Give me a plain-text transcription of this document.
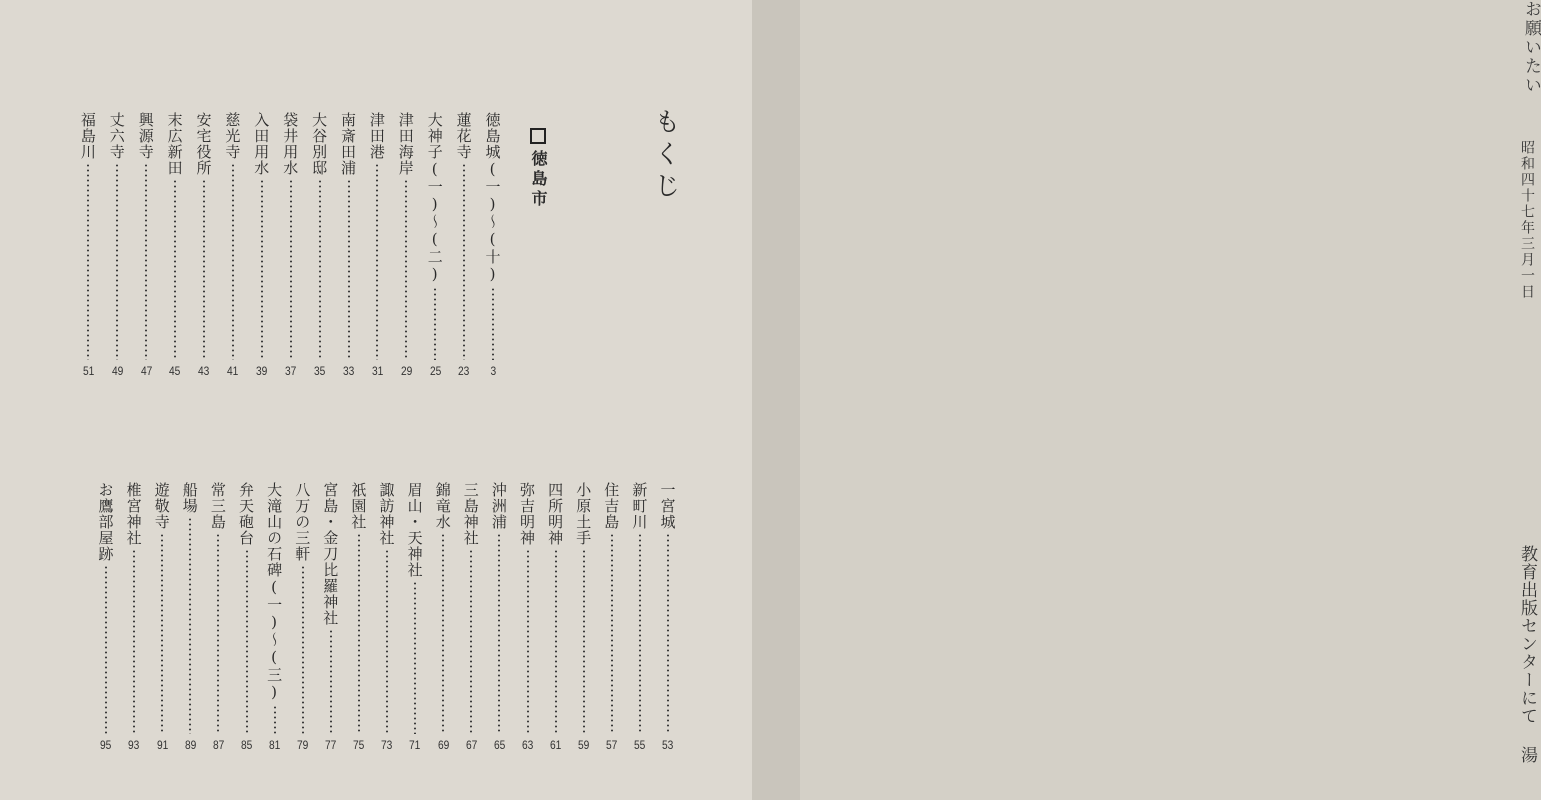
もくじ
徳島市
徳島城(一)〜(十)
3
蓮花寺
23
大神子(一)〜(二)
25
津田海岸
29
津田港
31
南斎田浦
33
大谷別邸
35
袋井用水
37
入田用水
39
慈光寺
41
安宅役所
43
末広新田
45
興源寺
47
丈六寺
49
福島川
51
一宮城
53
新町川
55
住吉島
57
小原土手
59
四所明神
61
弥吉明神
63
沖洲浦
65
三島神社
67
錦竜水
69
眉山・天神社
71
諏訪神社
73
祇園社
75
宮島・金刀比羅神社
77
八万の三軒
79
大滝山の石碑(一)〜(三)
81
弁天砲台
85
常三島
87
船場
89
遊敬寺
91
椎宮神社
93
お鷹部屋跡
95
お願いたい
昭和四十七年三月一日
教育出版センターにて 湯
